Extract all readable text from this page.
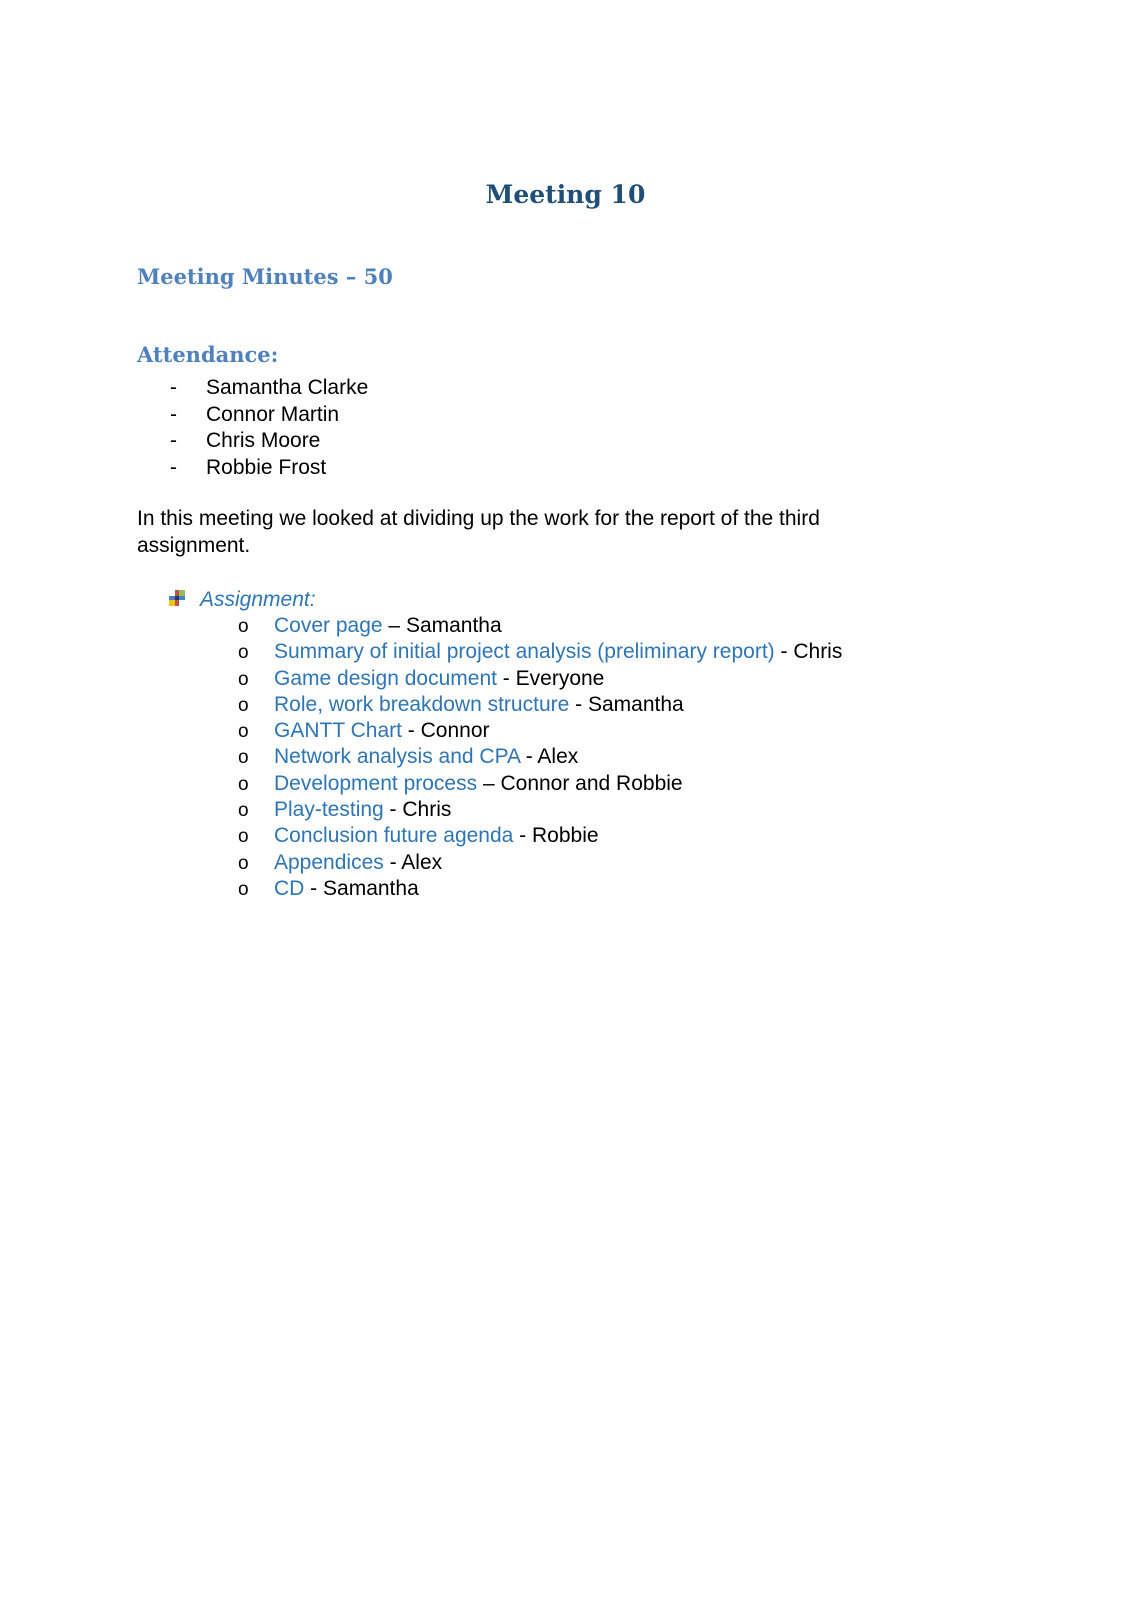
Meeting 10
Meeting Minutes – 50
Attendance:
- Samantha Clarke
- Connor Martin
- Chris Moore
- Robbie Frost
In this meeting we looked at dividing up the work for the report of the third assignment.
Assignment:
o Cover page – Samantha
o Summary of initial project analysis (preliminary report) - Chris
o Game design document - Everyone
o Role, work breakdown structure - Samantha
o GANTT Chart - Connor
o Network analysis and CPA - Alex
o Development process – Connor and Robbie
o Play-testing - Chris
o Conclusion future agenda - Robbie
o Appendices - Alex
o CD - Samantha
